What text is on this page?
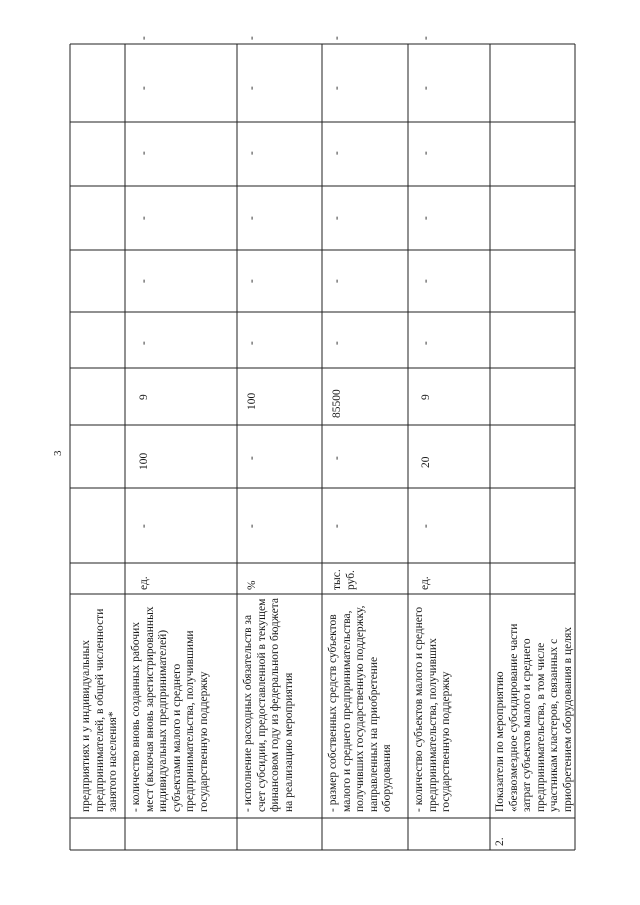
3
предприятиях и у индивидуальных предпринимателей, в общей численности занятого населения*
-
-
- количество вновь созданных рабочих мест (включая вновь зарегистрированных индивидуальных предпринимателей) субъектами малого и среднего предпринимательства, получившими государственную поддержку
ед.
-
100
9
-
-
-
-
- исполнение расходных обязательств за счет субсидии, предоставленной в текущем финансовом году из федерального бюджета на реализацию мероприятия
%
-
-
100
-
-
-
-
-
-
- размер собственных средств субъектов малого и среднего предпринимательства, получивших государственную поддержку, направленных на приобретение оборудования
тыс. руб.
-
-
85500
-
-
-
-
-
-
- количество субъектов малого и среднего предпринимательства, получивших государственную поддержку
ед.
-
20
9
-
-
-
-
-
-
2.
Показатели по мероприятию «безвозмездное субсидирование части затрат субъектов малого и среднего предпринимательства, в том числе участникам кластеров, связанных с приобретением оборудования в целях
